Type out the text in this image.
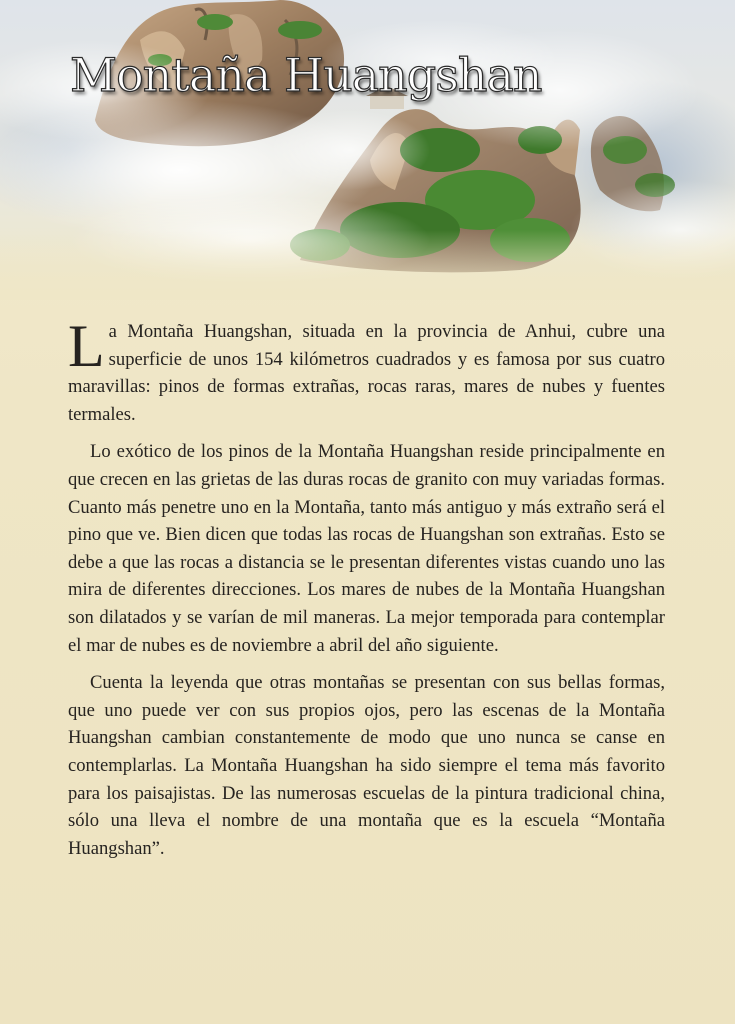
Montaña Huangshan

La Montaña Huangshan, situada en la provincia de Anhui, cubre una superficie de unos 154 kilómetros cuadrados y es famosa por sus cuatro maravillas: pinos de formas extrañas, rocas raras, mares de nubes y fuentes termales.

Lo exótico de los pinos de la Montaña Huangshan reside principalmente en que crecen en las grietas de las duras rocas de granito con muy variadas formas. Cuanto más penetre uno en la Montaña, tanto más antiguo y más extraño será el pino que ve. Bien dicen que todas las rocas de Huangshan son extrañas. Esto se debe a que las rocas a distancia se le presentan diferentes vistas cuando uno las mira de diferentes direcciones. Los mares de nubes de la Montaña Huangshan son dilatados y se varían de mil maneras. La mejor temporada para contemplar el mar de nubes es de noviembre a abril del año siguiente.

Cuenta la leyenda que otras montañas se presentan con sus bellas formas, que uno puede ver con sus propios ojos, pero las escenas de la Montaña Huangshan cambian constantemente de modo que uno nunca se canse en contemplarlas. La Montaña Huangshan ha sido siempre el tema más favorito para los paisajistas. De las numerosas escuelas de la pintura tradicional china, sólo una lleva el nombre de una montaña que es la escuela “Montaña Huangshan”.
